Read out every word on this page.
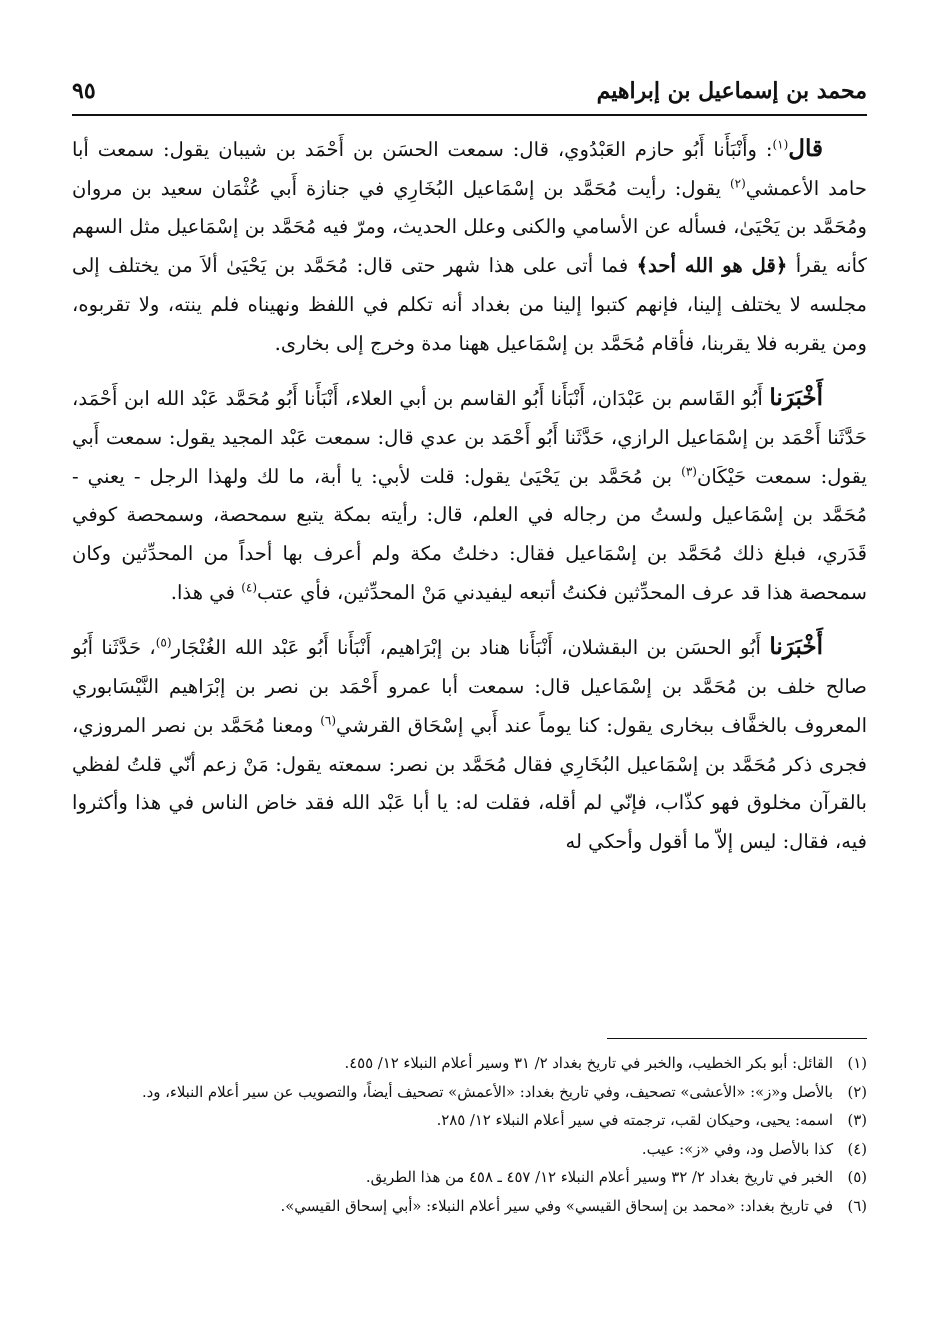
محمد بن إسماعيل بن إبراهيم
٩٥

قال$^{(١)}$: وأَنْبَأَنا أَبُو حازم العَبْدُوي، قال: سمعت الحسَن بن أَحْمَد بن شيبان يقول: سمعت أبا حامد الأعمشي$^{(٢)}$ يقول: رأيت مُحَمَّد بن إسْمَاعيل البُخَارِي في جنازة أَبي عُثْمَان سعيد بن مروان ومُحَمَّد بن يَحْيَىٰ، فسأله عن الأسامي والكنى وعلل الحديث، ومرّ فيه مُحَمَّد بن إسْمَاعيل مثل السهم كأنه يقرأ ﴿قل هو الله أحد﴾ فما أتى على هذا شهر حتى قال: مُحَمَّد بن يَحْيَىٰ ألاَ من يختلف إلى مجلسه لا يختلف إلينا، فإنهم كتبوا إلينا من بغداد أنه تكلم في اللفظ ونهيناه فلم ينته، ولا تقربوه، ومن يقربه فلا يقربنا، فأقام مُحَمَّد بن إسْمَاعيل ههنا مدة وخرج إلى بخارى.

أَخْبَرَنا أَبُو القَاسم بن عَبْدَان، أَنْبَأَنا أَبُو القاسم بن أبي العلاء، أَنْبَأَنا أَبُو مُحَمَّد عَبْد الله ابن أَحْمَد، حَدَّثَنا أَحْمَد بن إسْمَاعيل الرازي، حَدَّثَنا أَبُو أَحْمَد بن عدي قال: سمعت عَبْد المجيد يقول: سمعت أَبي يقول: سمعت حَيْكَان$^{(٣)}$ بن مُحَمَّد بن يَحْيَىٰ يقول: قلت لأبي: يا أبة، ما لك ولهذا الرجل - يعني - مُحَمَّد بن إسْمَاعيل ولستُ من رجاله في العلم، قال: رأيته بمكة يتبع سمحصة، وسمحصة كوفي قَدَري، فبلغ ذلك مُحَمَّد بن إسْمَاعيل فقال: دخلتُ مكة ولم أعرف بها أحداً من المحدِّثين وكان سمحصة هذا قد عرف المحدِّثين فكنتُ أتبعه ليفيدني مَنْ المحدِّثين، فأي عتب$^{(٤)}$ في هذا.

أَخْبَرَنا أَبُو الحسَن بن البقشلان، أَنْبَأَنا هناد بن إبْرَاهيم، أَنْبَأَنا أَبُو عَبْد الله الغُنْجَار$^{(٥)}$، حَدَّثَنا أَبُو صالح خلف بن مُحَمَّد بن إسْمَاعيل قال: سمعت أبا عمرو أَحْمَد بن نصر بن إبْرَاهيم النَّيْسَابوري المعروف بالخفَّاف ببخارى يقول: كنا يوماً عند أَبي إسْحَاق القرشي$^{(٦)}$ ومعنا مُحَمَّد بن نصر المروزي، فجرى ذكر مُحَمَّد بن إسْمَاعيل البُخَارِي فقال مُحَمَّد بن نصر: سمعته يقول: مَنْ زعم أنّي قلتُ لفظي بالقرآن مخلوق فهو كذّاب، فإنّي لم أقله، فقلت له: يا أبا عَبْد الله فقد خاض الناس في هذا وأكثروا فيه، فقال: ليس إلاّ ما أقول وأحكي له

(١)
القائل: أبو بكر الخطيب، والخبر في تاريخ بغداد ٢/ ٣١ وسير أعلام النبلاء ١٢/ ٤٥٥.
(٢)
بالأصل و«ز»: «الأعشى» تصحيف، وفي تاريخ بغداد: «الأعمش» تصحيف أيضاً، والتصويب عن سير أعلام النبلاء، ود.
(٣)
اسمه: يحيى، وحيكان لقب، ترجمته في سير أعلام النبلاء ١٢/ ٢٨٥.
(٤)
كذا بالأصل ود، وفي «ز»: عيب.
(٥)
الخبر في تاريخ بغداد ٢/ ٣٢ وسير أعلام النبلاء ١٢/ ٤٥٧ ـ ٤٥٨ من هذا الطريق.
(٦)
في تاريخ بغداد: «محمد بن إسحاق القيسي» وفي سير أعلام النبلاء: «أبي إسحاق القيسي».
